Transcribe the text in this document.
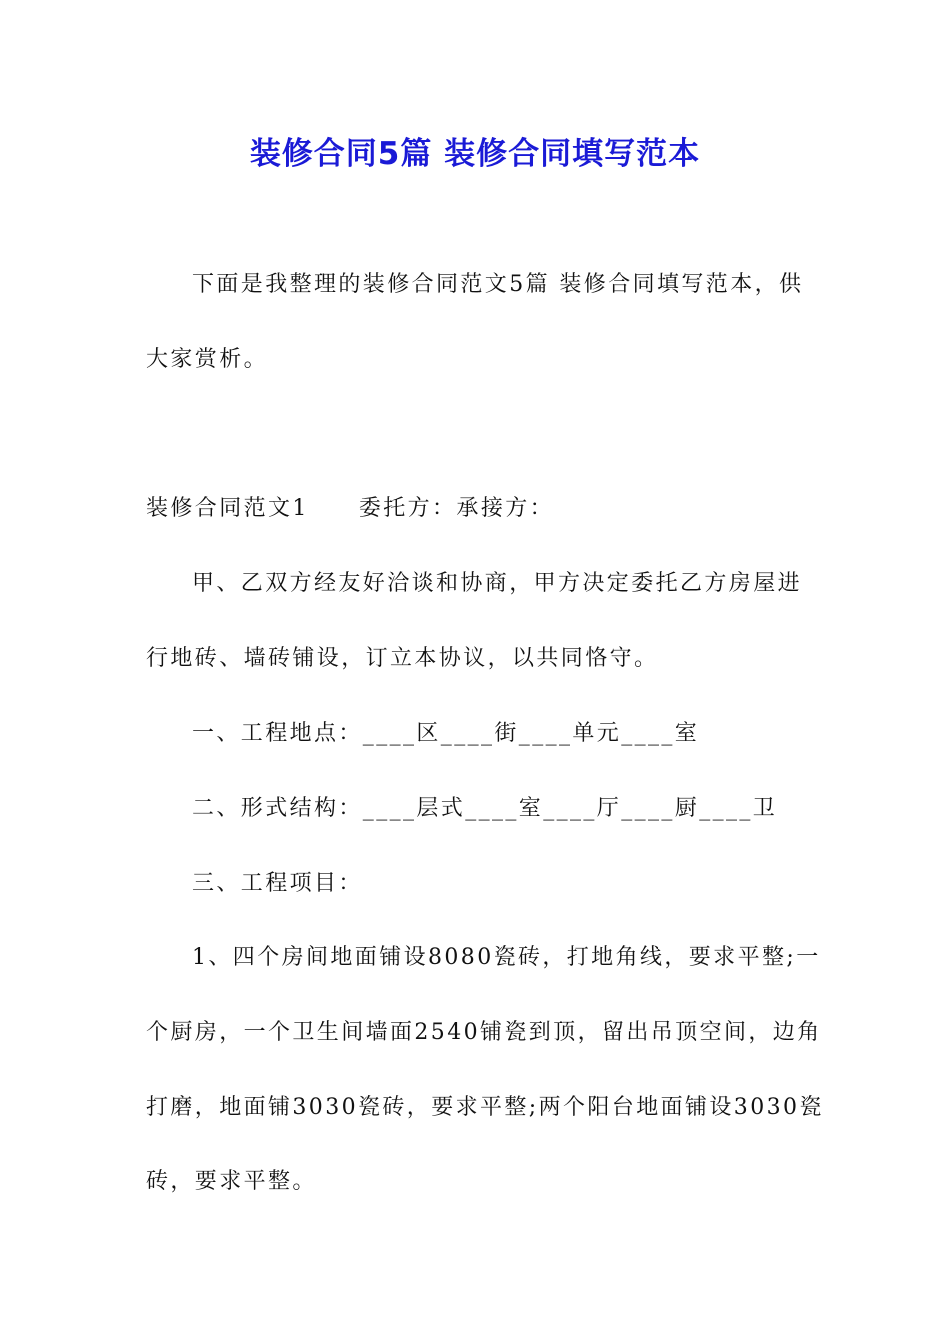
装修合同5篇 装修合同填写范本
下面是我整理的装修合同范文5篇 装修合同填写范本，供
大家赏析。
装修合同范文1 委托方：承接方：
甲、乙双方经友好洽谈和协商，甲方决定委托乙方房屋进
行地砖、墙砖铺设，订立本协议，以共同恪守。
一、工程地点：____区____街____单元____室
二、形式结构：____层式____室____厅____厨____卫
三、工程项目：
1、四个房间地面铺设8080瓷砖，打地角线，要求平整;一
个厨房，一个卫生间墙面2540铺瓷到顶，留出吊顶空间，边角
打磨，地面铺3030瓷砖，要求平整;两个阳台地面铺设3030瓷
砖，要求平整。
